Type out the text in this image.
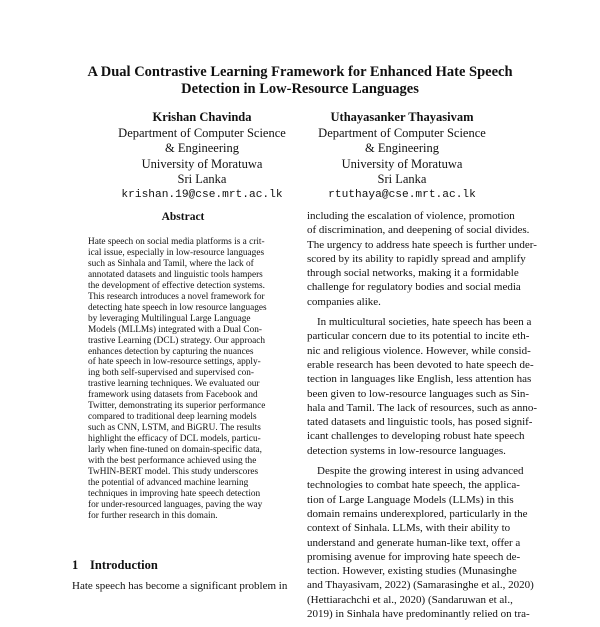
A Dual Contrastive Learning Framework for Enhanced Hate Speech
Detection in Low-Resource Languages
Krishan Chavinda
Department of Computer Science
& Engineering
University of Moratuwa
Sri Lanka
krishan.19@cse.mrt.ac.lk
Uthayasanker Thayasivam
Department of Computer Science
& Engineering
University of Moratuwa
Sri Lanka
rtuthaya@cse.mrt.ac.lk
Abstract
Hate speech on social media platforms is a crit-
ical issue, especially in low-resource languages
such as Sinhala and Tamil, where the lack of
annotated datasets and linguistic tools hampers
the development of effective detection systems.
This research introduces a novel framework for
detecting hate speech in low resource languages
by leveraging Multilingual Large Language
Models (MLLMs) integrated with a Dual Con-
trastive Learning (DCL) strategy. Our approach
enhances detection by capturing the nuances
of hate speech in low-resource settings, apply-
ing both self-supervised and supervised con-
trastive learning techniques. We evaluated our
framework using datasets from Facebook and
Twitter, demonstrating its superior performance
compared to traditional deep learning models
such as CNN, LSTM, and BiGRU. The results
highlight the efficacy of DCL models, particu-
larly when fine-tuned on domain-specific data,
with the best performance achieved using the
TwHIN-BERT model. This study underscores
the potential of advanced machine learning
techniques in improving hate speech detection
for under-resourced languages, paving the way
for further research in this domain.
1 Introduction
Hate speech has become a significant problem in
including the escalation of violence, promotion
of discrimination, and deepening of social divides.
The urgency to address hate speech is further under-
scored by its ability to rapidly spread and amplify
through social networks, making it a formidable
challenge for regulatory bodies and social media
companies alike.
In multicultural societies, hate speech has been a
particular concern due to its potential to incite eth-
nic and religious violence. However, while consid-
erable research has been devoted to hate speech de-
tection in languages like English, less attention has
been given to low-resource languages such as Sin-
hala and Tamil. The lack of resources, such as anno-
tated datasets and linguistic tools, has posed signif-
icant challenges to developing robust hate speech
detection systems in low-resource languages.
Despite the growing interest in using advanced
technologies to combat hate speech, the applica-
tion of Large Language Models (LLMs) in this
domain remains underexplored, particularly in the
context of Sinhala. LLMs, with their ability to
understand and generate human-like text, offer a
promising avenue for improving hate speech de-
tection. However, existing studies (Munasinghe
and Thayasivam, 2022) (Samarasinghe et al., 2020)
(Hettiarachchi et al., 2020) (Sandaruwan et al.,
2019) in Sinhala have predominantly relied on tra-
